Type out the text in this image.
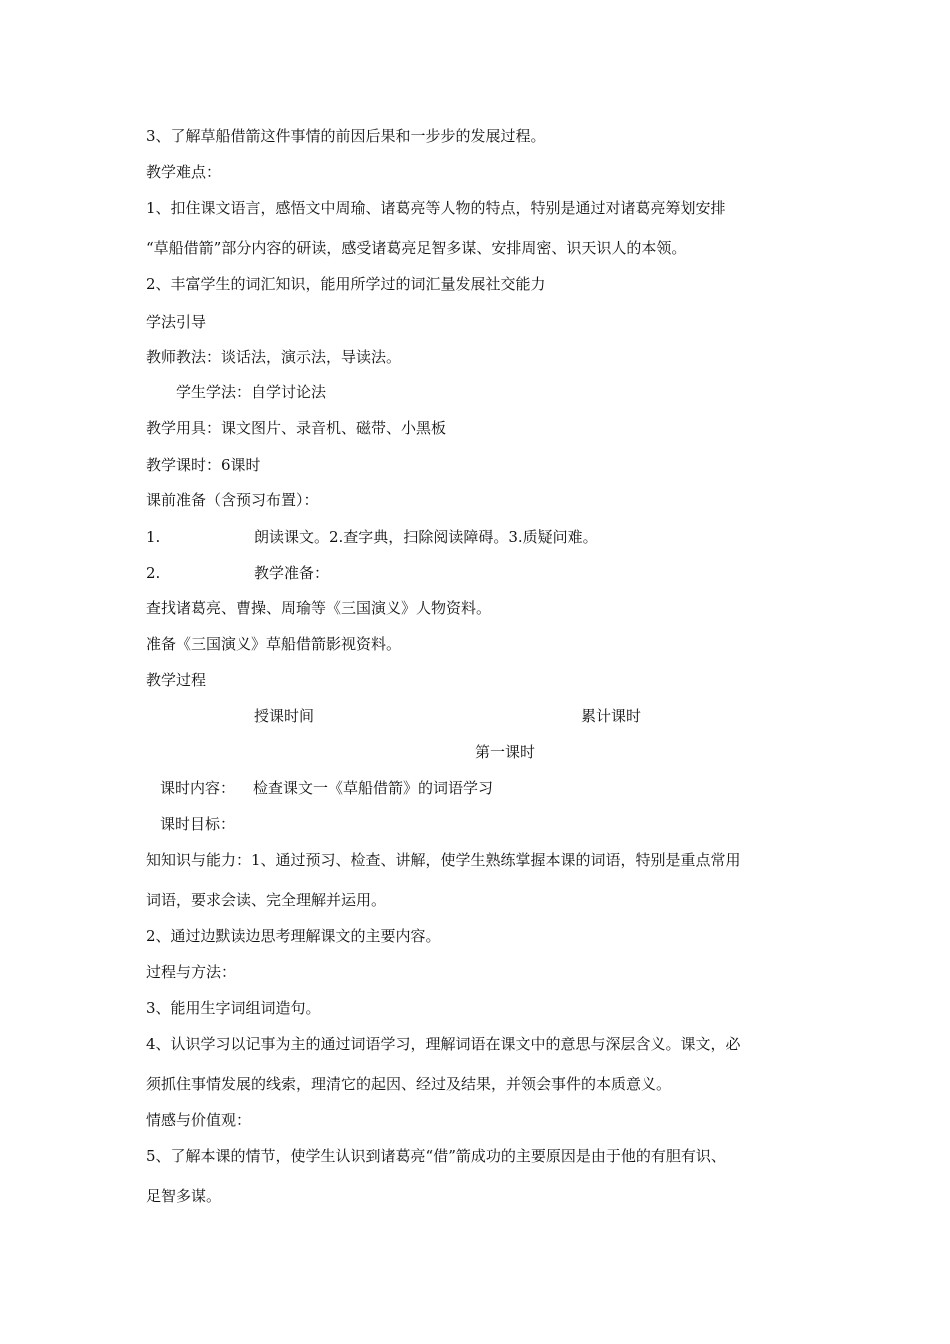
3、了解草船借箭这件事情的前因后果和一步步的发展过程。
教学难点：
1、扣住课文语言，感悟文中周瑜、诸葛亮等人物的特点，特别是通过对诸葛亮筹划安排
“草船借箭”部分内容的研读，感受诸葛亮足智多谋、安排周密、识天识人的本领。
2、丰富学生的词汇知识，能用所学过的词汇量发展社交能力
学法引导
教师教法：谈话法，演示法，导读法。
学生学法：自学讨论法
教学用具：课文图片、录音机、磁带、小黑板
教学课时：6课时
课前准备（含预习布置）：
1.	朗读课文。2.查字典，扫除阅读障碍。3.质疑问难。
2.	教学准备：
查找诸葛亮、曹操、周瑜等《三国演义》人物资料。
准备《三国演义》草船借箭影视资料。
教学过程
授课时间	累计课时
第一课时
课时内容： 检查课文一《草船借箭》的词语学习
课时目标：
知知识与能力：1、通过预习、检查、讲解，使学生熟练掌握本课的词语，特别是重点常用
词语，要求会读、完全理解并运用。
2、通过边默读边思考理解课文的主要内容。
过程与方法：
3、能用生字词组词造句。
4、认识学习以记事为主的通过词语学习，理解词语在课文中的意思与深层含义。课文，必
须抓住事情发展的线索，理清它的起因、经过及结果，并领会事件的本质意义。
情感与价值观：
5、了解本课的情节，使学生认识到诸葛亮“借”箭成功的主要原因是由于他的有胆有识、
足智多谋。
